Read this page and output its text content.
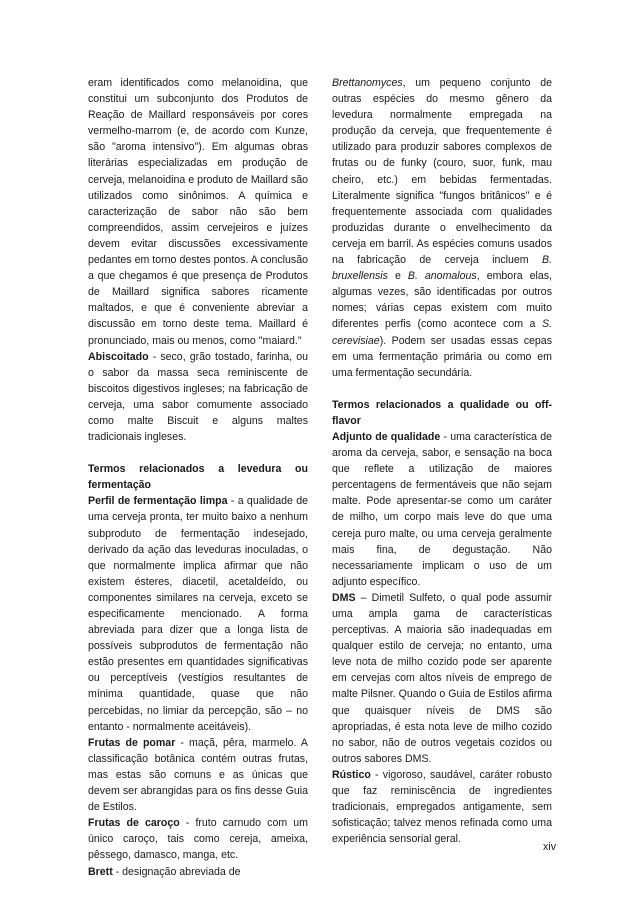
eram identificados como melanoidina, que constitui um subconjunto dos Produtos de Reação de Maillard responsáveis por cores vermelho-marrom (e, de acordo com Kunze, são "aroma intensivo"). Em algumas obras literárias especializadas em produção de cerveja, melanoidina e produto de Maillard são utilizados como sinônimos. A química e caracterização de sabor não são bem compreendidos, assim cervejeiros e juízes devem evitar discussões excessivamente pedantes em torno destes pontos. A conclusão a que chegamos é que presença de Produtos de Maillard significa sabores ricamente maltados, e que é conveniente abreviar a discussão em torno deste tema. Maillard é pronunciado, mais ou menos, como "maiard."

Abiscoitado - seco, grão tostado, farinha, ou o sabor da massa seca reminiscente de biscoitos digestivos ingleses; na fabricação de cerveja, uma sabor comumente associado como malte Biscuit e alguns maltes tradicionais ingleses.

Termos relacionados a levedura ou fermentação

Perfil de fermentação limpa - a qualidade de uma cerveja pronta, ter muito baixo a nenhum subproduto de fermentação indesejado, derivado da ação das leveduras inoculadas, o que normalmente implica afirmar que não existem ésteres, diacetil, acetaldeído, ou componentes similares na cerveja, exceto se especificamente mencionado. A forma abreviada para dizer que a longa lista de possíveis subprodutos de fermentação não estão presentes em quantidades significativas ou perceptíveis (vestígios resultantes de mínima quantidade, quase que não percebidas, no limiar da percepção, são – no entanto - normalmente aceitáveis).

Frutas de pomar - maçã, pêra, marmelo. A classificação botânica contém outras frutas, mas estas são comuns e as únicas que devem ser abrangidas para os fins desse Guia de Estilos.

Frutas de caroço - fruto carnudo com um único caroço, tais como cereja, ameixa, pêssego, damasco, manga, etc.

Brett - designação abreviada de

Brettanomyces, um pequeno conjunto de outras espécies do mesmo gênero da levedura normalmente empregada na produção da cerveja, que frequentemente é utilizado para produzir sabores complexos de frutas ou de funky (couro, suor, funk, mau cheiro, etc.) em bebidas fermentadas. Literalmente significa "fungos britânicos" e é frequentemente associada com qualidades produzidas durante o envelhecimento da cerveja em barril. As espécies comuns usados na fabricação de cerveja incluem B. bruxellensis e B. anomalous, embora elas, algumas vezes, são identificadas por outros nomes; várias cepas existem com muito diferentes perfis (como acontece com a S. cerevisiae). Podem ser usadas essas cepas em uma fermentação primária ou como em uma fermentação secundária.

Termos relacionados a qualidade ou off-flavor

Adjunto de qualidade - uma característica de aroma da cerveja, sabor, e sensação na boca que reflete a utilização de maiores percentagens de fermentáveis que não sejam malte. Pode apresentar-se como um caráter de milho, um corpo mais leve do que uma cereja puro malte, ou uma cerveja geralmente mais fina, de degustação. Não necessariamente implicam o uso de um adjunto específico.

DMS – Dimetil Sulfeto, o qual pode assumir uma ampla gama de características perceptivas. A maioria são inadequadas em qualquer estilo de cerveja; no entanto, uma leve nota de milho cozido pode ser aparente em cervejas com altos níveis de emprego de malte Pilsner. Quando o Guia de Estilos afirma que quaisquer níveis de DMS são apropriadas, é esta nota leve de milho cozido no sabor, não de outros vegetais cozidos ou outros sabores DMS.

Rústico - vigoroso, saudável, caráter robusto que faz reminiscência de ingredientes tradicionais, empregados antigamente, sem sofisticação; talvez menos refinada como uma experiência sensorial geral.

xiv
